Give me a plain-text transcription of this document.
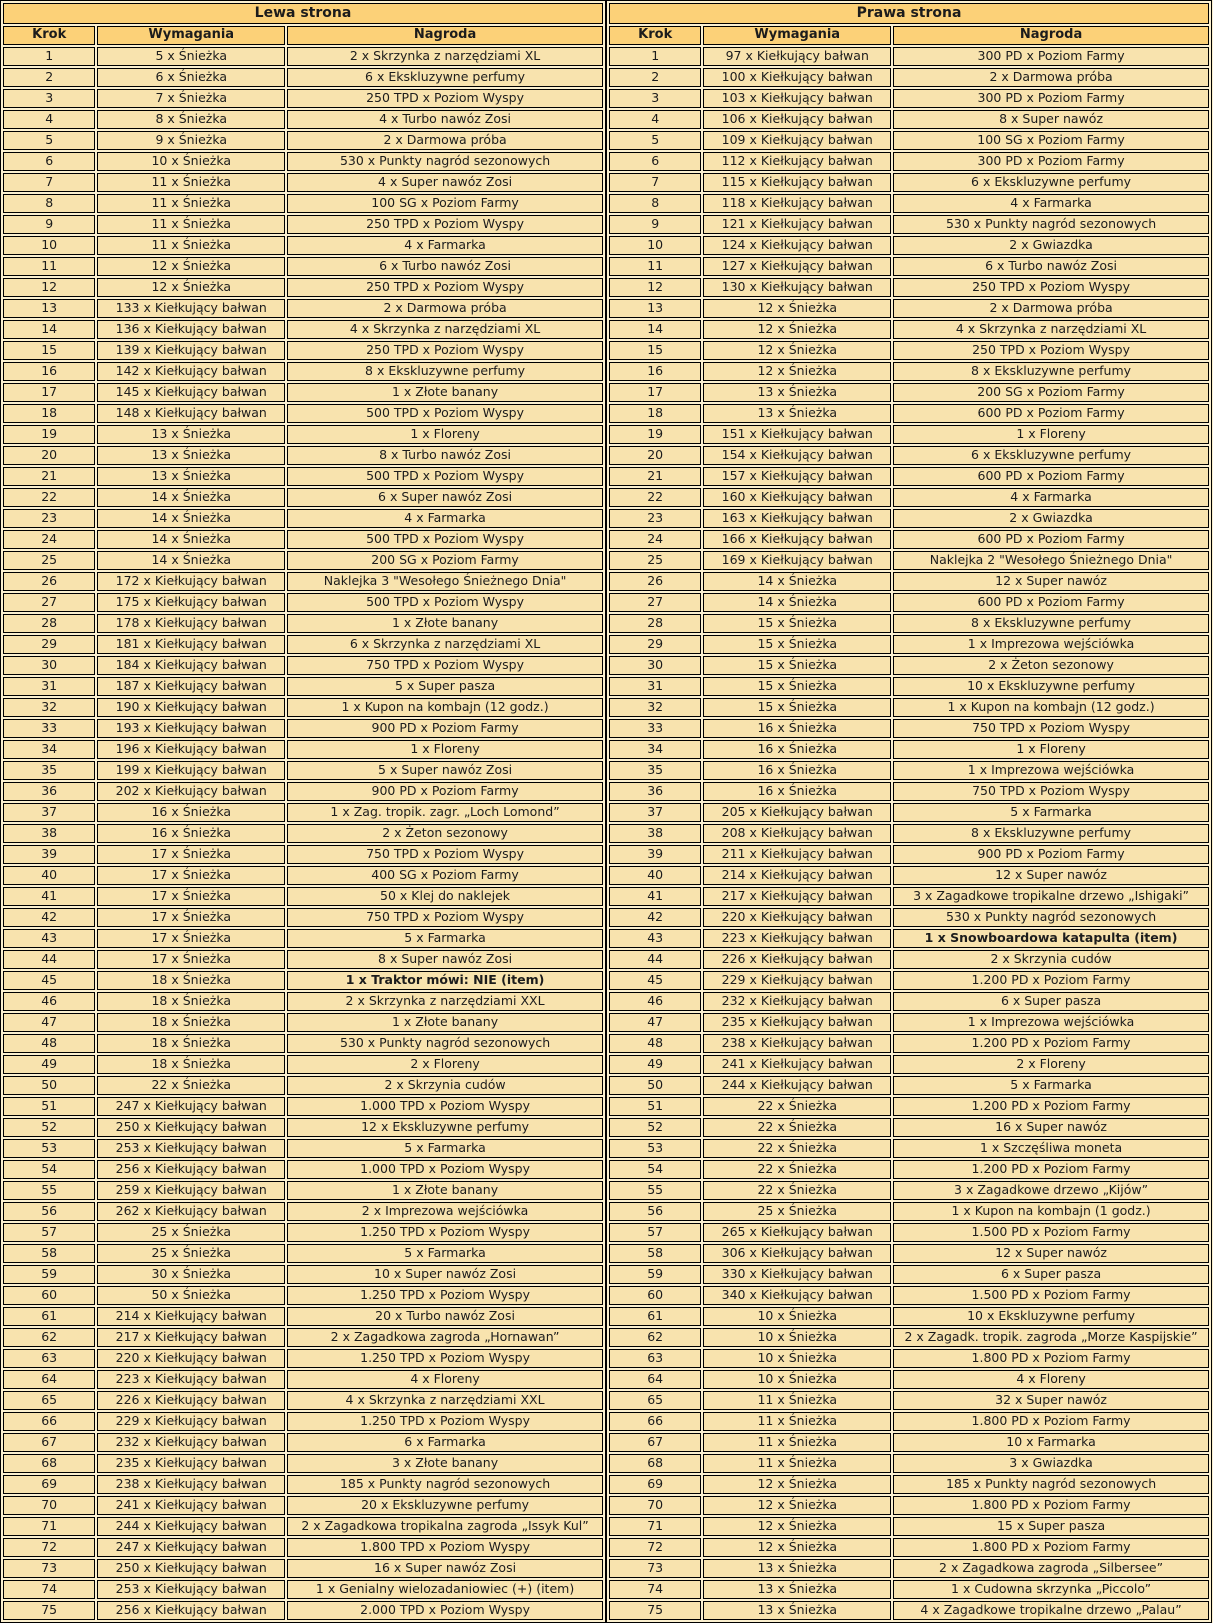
Lewa strona		
Krok	Wymagania	Nagroda
1	5 x Śnieżka	2 x Skrzynka z narzędziami XL
2	6 x Śnieżka	6 x Ekskluzywne perfumy
3	7 x Śnieżka	250 TPD x Poziom Wyspy
4	8 x Śnieżka	4 x Turbo nawóz Zosi
5	9 x Śnieżka	2 x Darmowa próba
6	10 x Śnieżka	530 x Punkty nagród sezonowych
7	11 x Śnieżka	4 x Super nawóz Zosi
8	11 x Śnieżka	100 SG x Poziom Farmy
9	11 x Śnieżka	250 TPD x Poziom Wyspy
10	11 x Śnieżka	4 x Farmarka
11	12 x Śnieżka	6 x Turbo nawóz Zosi
12	12 x Śnieżka	250 TPD x Poziom Wyspy
13	133 x Kiełkujący bałwan	2 x Darmowa próba
14	136 x Kiełkujący bałwan	4 x Skrzynka z narzędziami XL
15	139 x Kiełkujący bałwan	250 TPD x Poziom Wyspy
16	142 x Kiełkujący bałwan	8 x Ekskluzywne perfumy
17	145 x Kiełkujący bałwan	1 x Złote banany
18	148 x Kiełkujący bałwan	500 TPD x Poziom Wyspy
19	13 x Śnieżka	1 x Floreny
20	13 x Śnieżka	8 x Turbo nawóz Zosi
21	13 x Śnieżka	500 TPD x Poziom Wyspy
22	14 x Śnieżka	6 x Super nawóz Zosi
23	14 x Śnieżka	4 x Farmarka
24	14 x Śnieżka	500 TPD x Poziom Wyspy
25	14 x Śnieżka	200 SG x Poziom Farmy
26	172 x Kiełkujący bałwan	Naklejka 3 "Wesołego Śnieżnego Dnia"
27	175 x Kiełkujący bałwan	500 TPD x Poziom Wyspy
28	178 x Kiełkujący bałwan	1 x Złote banany
29	181 x Kiełkujący bałwan	6 x Skrzynka z narzędziami XL
30	184 x Kiełkujący bałwan	750 TPD x Poziom Wyspy
31	187 x Kiełkujący bałwan	5 x Super pasza
32	190 x Kiełkujący bałwan	1 x Kupon na kombajn (12 godz.)
33	193 x Kiełkujący bałwan	900 PD x Poziom Farmy
34	196 x Kiełkujący bałwan	1 x Floreny
35	199 x Kiełkujący bałwan	5 x Super nawóz Zosi
36	202 x Kiełkujący bałwan	900 PD x Poziom Farmy
37	16 x Śnieżka	1 x Zag. tropik. zagr. „Loch Lomond”
38	16 x Śnieżka	2 x Żeton sezonowy
39	17 x Śnieżka	750 TPD x Poziom Wyspy
40	17 x Śnieżka	400 SG x Poziom Farmy
41	17 x Śnieżka	50 x Klej do naklejek
42	17 x Śnieżka	750 TPD x Poziom Wyspy
43	17 x Śnieżka	5 x Farmarka
44	17 x Śnieżka	8 x Super nawóz Zosi
45	18 x Śnieżka	1 x Traktor mówi: NIE (item)
46	18 x Śnieżka	2 x Skrzynka z narzędziami XXL
47	18 x Śnieżka	1 x Złote banany
48	18 x Śnieżka	530 x Punkty nagród sezonowych
49	18 x Śnieżka	2 x Floreny
50	22 x Śnieżka	2 x Skrzynia cudów
51	247 x Kiełkujący bałwan	1.000 TPD x Poziom Wyspy
52	250 x Kiełkujący bałwan	12 x Ekskluzywne perfumy
53	253 x Kiełkujący bałwan	5 x Farmarka
54	256 x Kiełkujący bałwan	1.000 TPD x Poziom Wyspy
55	259 x Kiełkujący bałwan	1 x Złote banany
56	262 x Kiełkujący bałwan	2 x Imprezowa wejściówka
57	25 x Śnieżka	1.250 TPD x Poziom Wyspy
58	25 x Śnieżka	5 x Farmarka
59	30 x Śnieżka	10 x Super nawóz Zosi
60	50 x Śnieżka	1.250 TPD x Poziom Wyspy
61	214 x Kiełkujący bałwan	20 x Turbo nawóz Zosi
62	217 x Kiełkujący bałwan	2 x Zagadkowa zagroda „Hornawan”
63	220 x Kiełkujący bałwan	1.250 TPD x Poziom Wyspy
64	223 x Kiełkujący bałwan	4 x Floreny
65	226 x Kiełkujący bałwan	4 x Skrzynka z narzędziami XXL
66	229 x Kiełkujący bałwan	1.250 TPD x Poziom Wyspy
67	232 x Kiełkujący bałwan	6 x Farmarka
68	235 x Kiełkujący bałwan	3 x Złote banany
69	238 x Kiełkujący bałwan	185 x Punkty nagród sezonowych
70	241 x Kiełkujący bałwan	20 x Ekskluzywne perfumy
71	244 x Kiełkujący bałwan	2 x Zagadkowa tropikalna zagroda „Issyk Kul”
72	247 x Kiełkujący bałwan	1.800 TPD x Poziom Wyspy
73	250 x Kiełkujący bałwan	16 x Super nawóz Zosi
74	253 x Kiełkujący bałwan	1 x Genialny wielozadaniowiec (+) (item)
75	256 x Kiełkujący bałwan	2.000 TPD x Poziom Wyspy
Prawa strona		
Krok	Wymagania	Nagroda
1	97 x Kiełkujący bałwan	300 PD x Poziom Farmy
2	100 x Kiełkujący bałwan	2 x Darmowa próba
3	103 x Kiełkujący bałwan	300 PD x Poziom Farmy
4	106 x Kiełkujący bałwan	8 x Super nawóz
5	109 x Kiełkujący bałwan	100 SG x Poziom Farmy
6	112 x Kiełkujący bałwan	300 PD x Poziom Farmy
7	115 x Kiełkujący bałwan	6 x Ekskluzywne perfumy
8	118 x Kiełkujący bałwan	4 x Farmarka
9	121 x Kiełkujący bałwan	530 x Punkty nagród sezonowych
10	124 x Kiełkujący bałwan	2 x Gwiazdka
11	127 x Kiełkujący bałwan	6 x Turbo nawóz Zosi
12	130 x Kiełkujący bałwan	250 TPD x Poziom Wyspy
13	12 x Śnieżka	2 x Darmowa próba
14	12 x Śnieżka	4 x Skrzynka z narzędziami XL
15	12 x Śnieżka	250 TPD x Poziom Wyspy
16	12 x Śnieżka	8 x Ekskluzywne perfumy
17	13 x Śnieżka	200 SG x Poziom Farmy
18	13 x Śnieżka	600 PD x Poziom Farmy
19	151 x Kiełkujący bałwan	1 x Floreny
20	154 x Kiełkujący bałwan	6 x Ekskluzywne perfumy
21	157 x Kiełkujący bałwan	600 PD x Poziom Farmy
22	160 x Kiełkujący bałwan	4 x Farmarka
23	163 x Kiełkujący bałwan	2 x Gwiazdka
24	166 x Kiełkujący bałwan	600 PD x Poziom Farmy
25	169 x Kiełkujący bałwan	Naklejka 2 "Wesołego Śnieżnego Dnia"
26	14 x Śnieżka	12 x Super nawóz
27	14 x Śnieżka	600 PD x Poziom Farmy
28	15 x Śnieżka	8 x Ekskluzywne perfumy
29	15 x Śnieżka	1 x Imprezowa wejściówka
30	15 x Śnieżka	2 x Żeton sezonowy
31	15 x Śnieżka	10 x Ekskluzywne perfumy
32	15 x Śnieżka	1 x Kupon na kombajn (12 godz.)
33	16 x Śnieżka	750 TPD x Poziom Wyspy
34	16 x Śnieżka	1 x Floreny
35	16 x Śnieżka	1 x Imprezowa wejściówka
36	16 x Śnieżka	750 TPD x Poziom Wyspy
37	205 x Kiełkujący bałwan	5 x Farmarka
38	208 x Kiełkujący bałwan	8 x Ekskluzywne perfumy
39	211 x Kiełkujący bałwan	900 PD x Poziom Farmy
40	214 x Kiełkujący bałwan	12 x Super nawóz
41	217 x Kiełkujący bałwan	3 x Zagadkowe tropikalne drzewo „Ishigaki”
42	220 x Kiełkujący bałwan	530 x Punkty nagród sezonowych
43	223 x Kiełkujący bałwan	1 x Snowboardowa katapulta (item)
44	226 x Kiełkujący bałwan	2 x Skrzynia cudów
45	229 x Kiełkujący bałwan	1.200 PD x Poziom Farmy
46	232 x Kiełkujący bałwan	6 x Super pasza
47	235 x Kiełkujący bałwan	1 x Imprezowa wejściówka
48	238 x Kiełkujący bałwan	1.200 PD x Poziom Farmy
49	241 x Kiełkujący bałwan	2 x Floreny
50	244 x Kiełkujący bałwan	5 x Farmarka
51	22 x Śnieżka	1.200 PD x Poziom Farmy
52	22 x Śnieżka	16 x Super nawóz
53	22 x Śnieżka	1 x Szczęśliwa moneta
54	22 x Śnieżka	1.200 PD x Poziom Farmy
55	22 x Śnieżka	3 x Zagadkowe drzewo „Kijów”
56	25 x Śnieżka	1 x Kupon na kombajn (1 godz.)
57	265 x Kiełkujący bałwan	1.500 PD x Poziom Farmy
58	306 x Kiełkujący bałwan	12 x Super nawóz
59	330 x Kiełkujący bałwan	6 x Super pasza
60	340 x Kiełkujący bałwan	1.500 PD x Poziom Farmy
61	10 x Śnieżka	10 x Ekskluzywne perfumy
62	10 x Śnieżka	2 x Zagadk. tropik. zagroda „Morze Kaspijskie”
63	10 x Śnieżka	1.800 PD x Poziom Farmy
64	10 x Śnieżka	4 x Floreny
65	11 x Śnieżka	32 x Super nawóz
66	11 x Śnieżka	1.800 PD x Poziom Farmy
67	11 x Śnieżka	10 x Farmarka
68	11 x Śnieżka	3 x Gwiazdka
69	12 x Śnieżka	185 x Punkty nagród sezonowych
70	12 x Śnieżka	1.800 PD x Poziom Farmy
71	12 x Śnieżka	15 x Super pasza
72	12 x Śnieżka	1.800 PD x Poziom Farmy
73	13 x Śnieżka	2 x Zagadkowa zagroda „Silbersee”
74	13 x Śnieżka	1 x Cudowna skrzynka „Piccolo”
75	13 x Śnieżka	4 x Zagadkowe tropikalne drzewo „Palau”
